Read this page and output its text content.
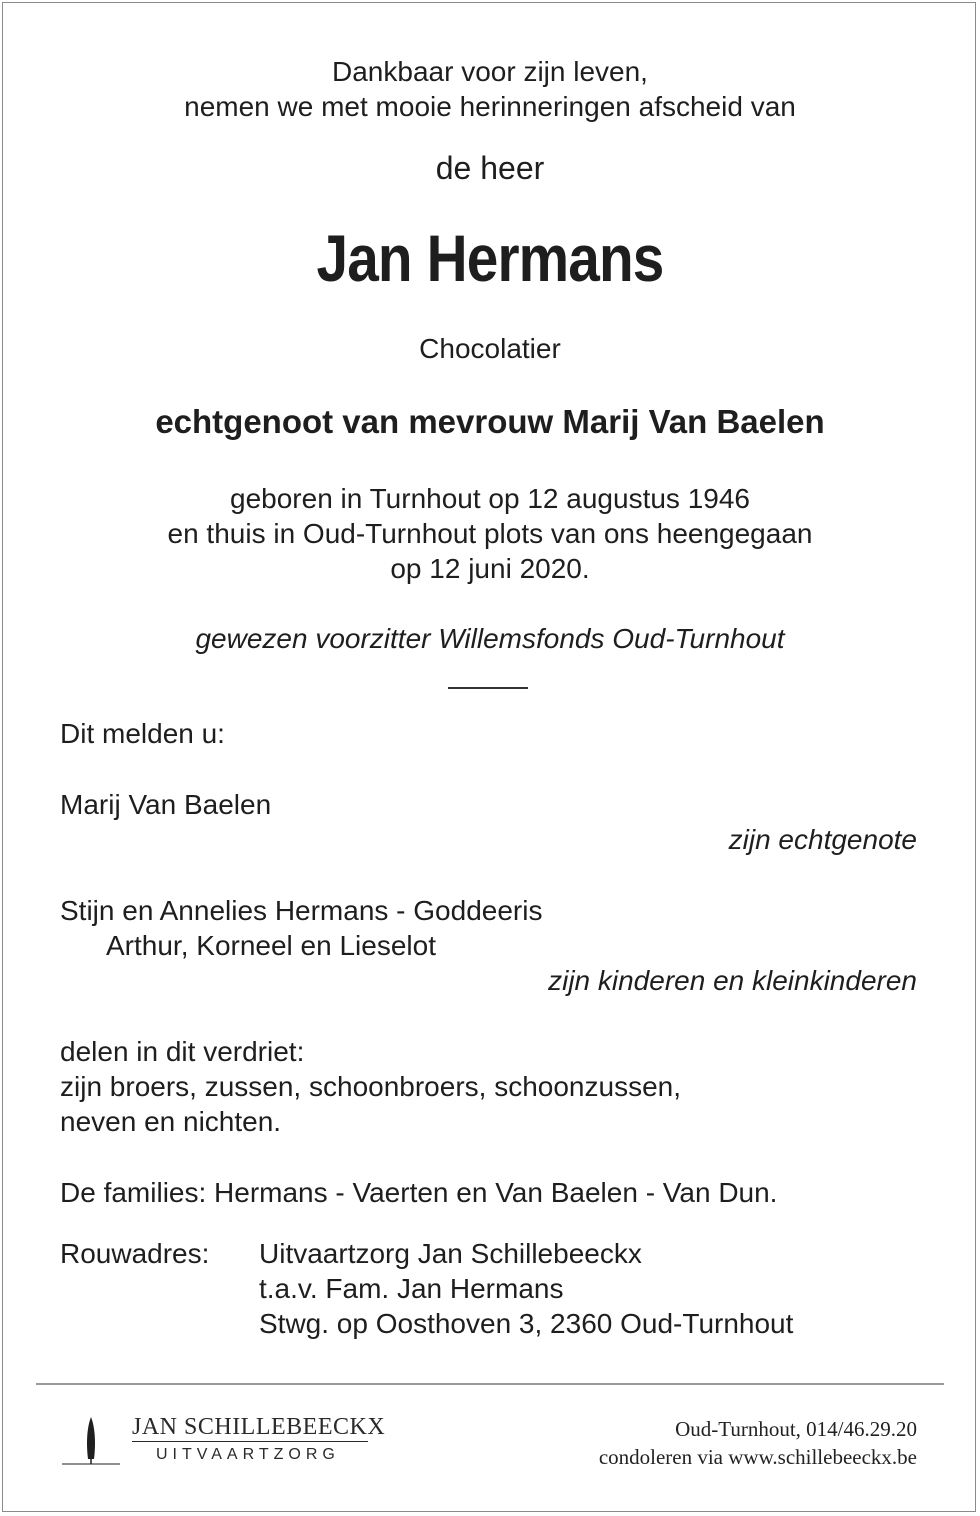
Dankbaar voor zijn leven,
nemen we met mooie herinneringen afscheid van
de heer
Jan Hermans
Chocolatier
echtgenoot van mevrouw Marij Van Baelen
geboren in Turnhout op 12 augustus 1946
en thuis in Oud-Turnhout plots van ons heengegaan
op 12 juni 2020.
gewezen voorzitter Willemsfonds Oud-Turnhout
Dit melden u:
Marij Van Baelen
zijn echtgenote
Stijn en Annelies Hermans - Goddeeris
Arthur, Korneel en Lieselot
zijn kinderen en kleinkinderen
delen in dit verdriet:
zijn broers, zussen, schoonbroers, schoonzussen,
neven en nichten.
De families: Hermans - Vaerten en Van Baelen - Van Dun.
Rouwadres: Uitvaartzorg Jan Schillebeeckx
t.a.v. Fam. Jan Hermans
Stwg. op Oosthoven 3, 2360 Oud-Turnhout
JAN SCHILLEBEECKX
UITVAARTZORG
Oud-Turnhout, 014/46.29.20
condoleren via www.schillebeeckx.be
